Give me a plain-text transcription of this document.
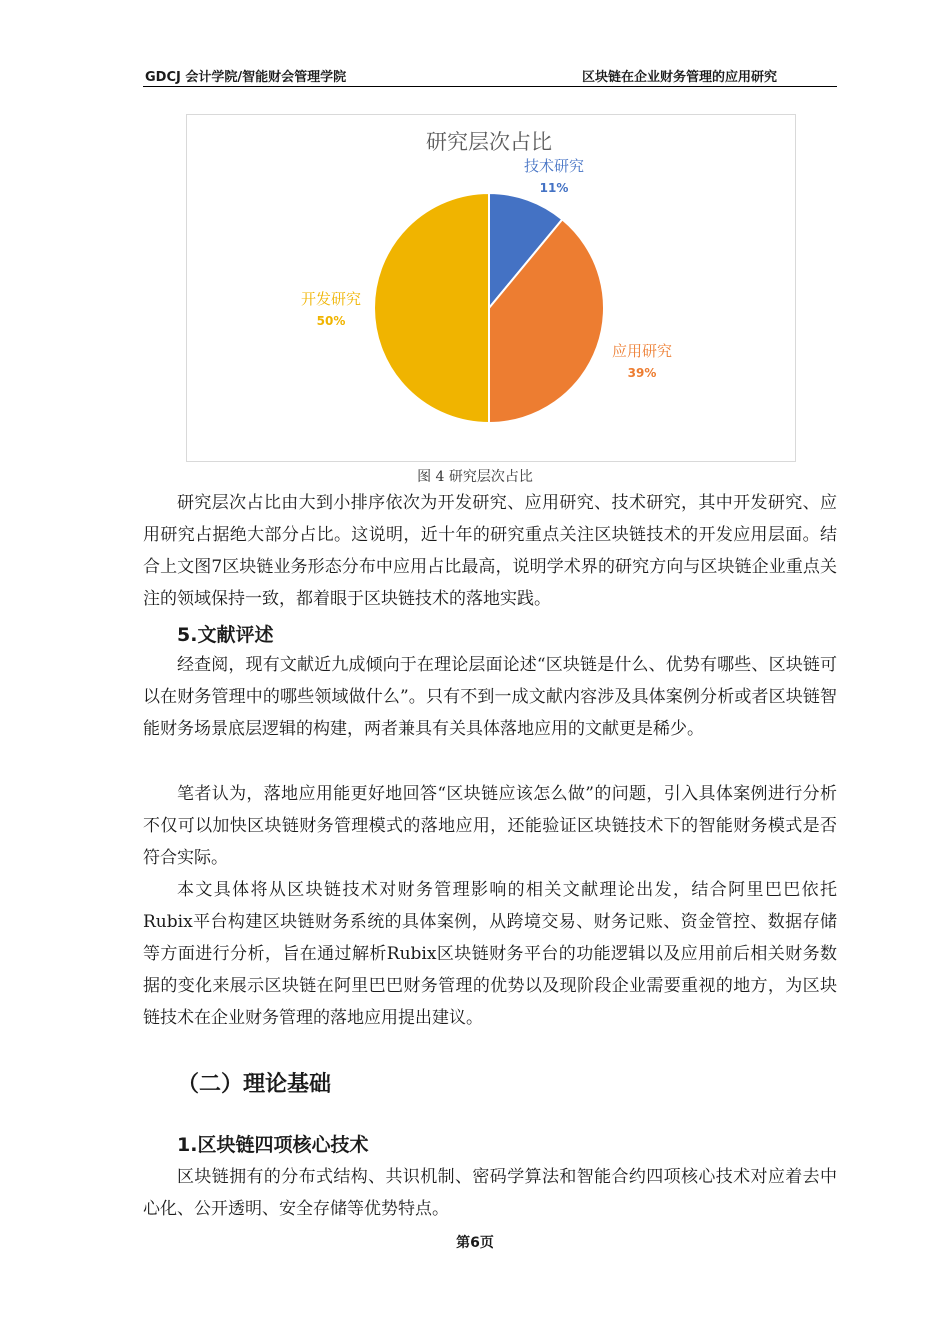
GDCJ 会计学院/智能财会管理学院	区块链在企业财务管理的应用研究
研究层次占比
技术研究
11%
应用研究
39%
开发研究
50%
图 4 研究层次占比

研究层次占比由大到小排序依次为开发研究、应用研究、技术研究，其中开发研究、应用研究占据绝大部分占比。这说明，近十年的研究重点关注区块链技术的开发应用层面。结合上文图7区块链业务形态分布中应用占比最高，说明学术界的研究方向与区块链企业重点关注的领域保持一致，都着眼于区块链技术的落地实践。

5.文献评述

经查阅，现有文献近九成倾向于在理论层面论述“区块链是什么、优势有哪些、区块链可以在财务管理中的哪些领域做什么”。只有不到一成文献内容涉及具体案例分析或者区块链智能财务场景底层逻辑的构建，两者兼具有关具体落地应用的文献更是稀少。

笔者认为，落地应用能更好地回答“区块链应该怎么做”的问题，引入具体案例进行分析不仅可以加快区块链财务管理模式的落地应用，还能验证区块链技术下的智能财务模式是否符合实际。

本文具体将从区块链技术对财务管理影响的相关文献理论出发，结合阿里巴巴依托Rubix平台构建区块链财务系统的具体案例，从跨境交易、财务记账、资金管控、数据存储等方面进行分析，旨在通过解析Rubix区块链财务平台的功能逻辑以及应用前后相关财务数据的变化来展示区块链在阿里巴巴财务管理的优势以及现阶段企业需要重视的地方，为区块链技术在企业财务管理的落地应用提出建议。

（二）理论基础
1.区块链四项核心技术

区块链拥有的分布式结构、共识机制、密码学算法和智能合约四项核心技术对应着去中心化、公开透明、安全存储等优势特点。

第6页
